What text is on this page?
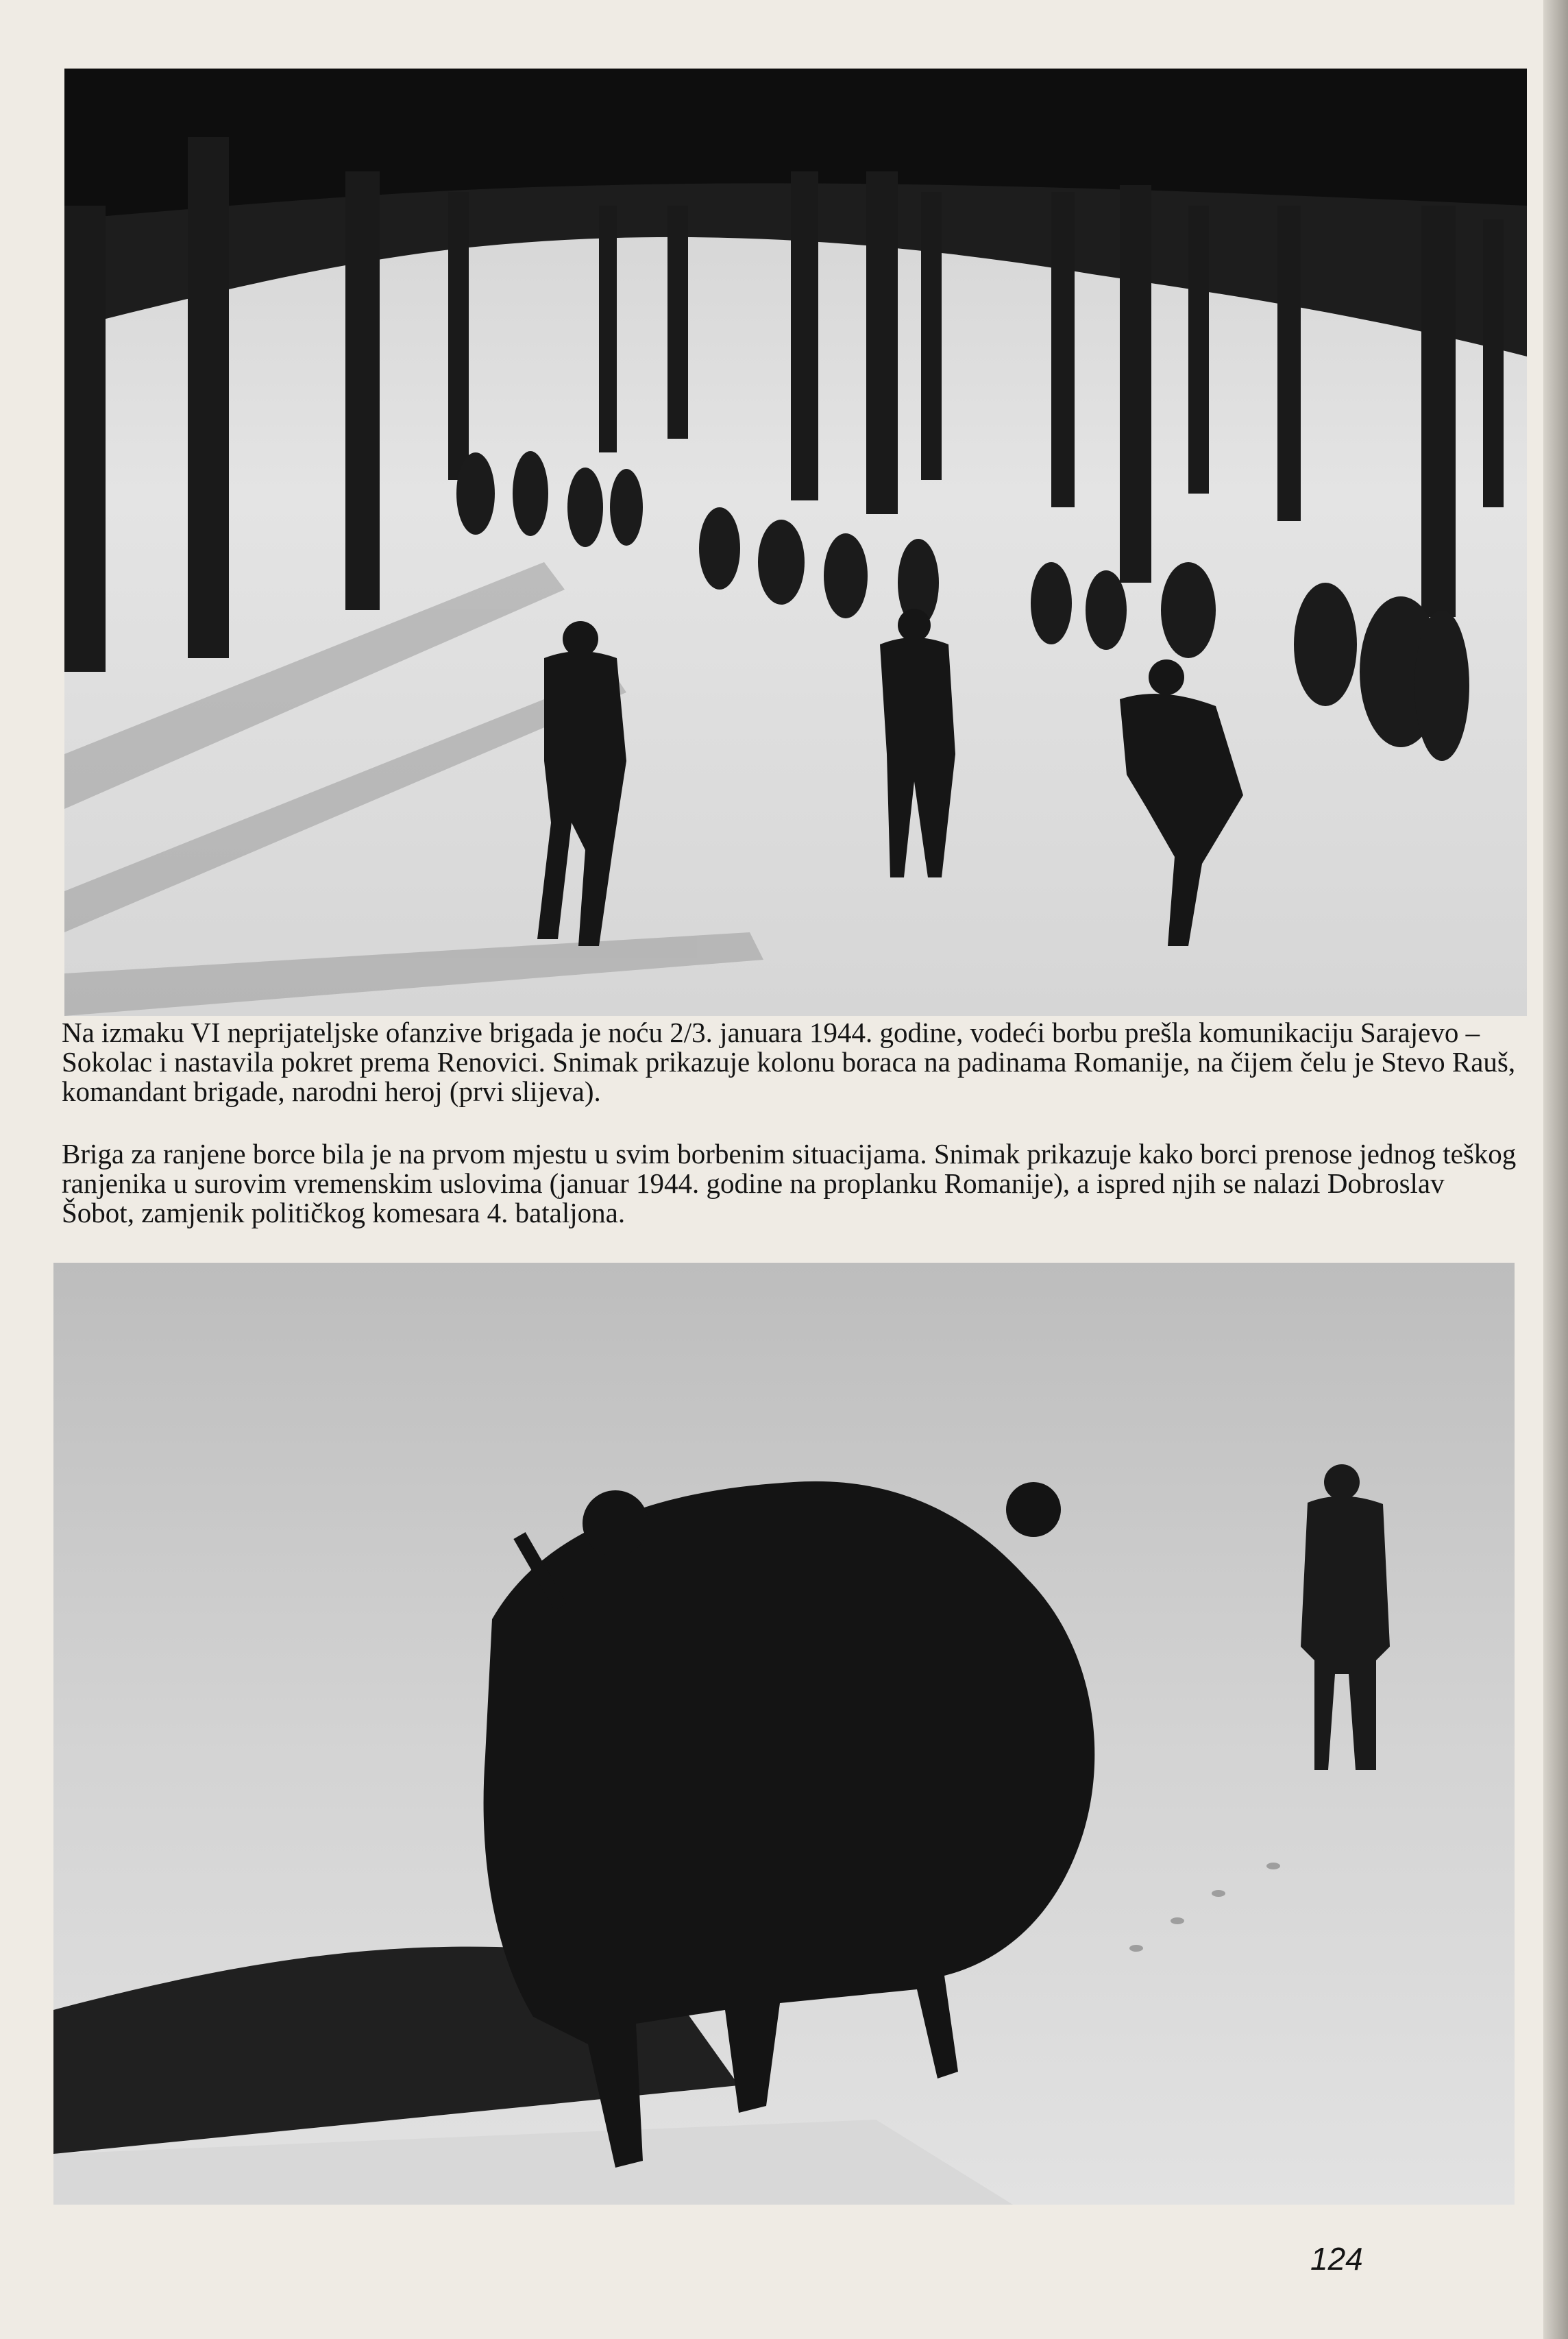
Na izmaku VI neprijateljske ofanzive brigada je noću 2/3. januara 1944. godine, vodeći borbu prešla komunikaciju Sarajevo – Sokolac i nastavila pokret prema Renovici. Snimak prikazuje kolonu boraca na padinama Romanije, na čijem čelu je Stevo Rauš, komandant brigade, narodni heroj (prvi slijeva).

Briga za ranjene borce bila je na prvom mjestu u svim borbenim situacijama. Snimak prikazuje kako borci prenose jednog teškog ranjenika u surovim vremenskim uslovima (januar 1944. godine na proplanku Romanije), a ispred njih se nalazi Dobroslav Šobot, zamjenik političkog komesara 4. bataljona.

124
